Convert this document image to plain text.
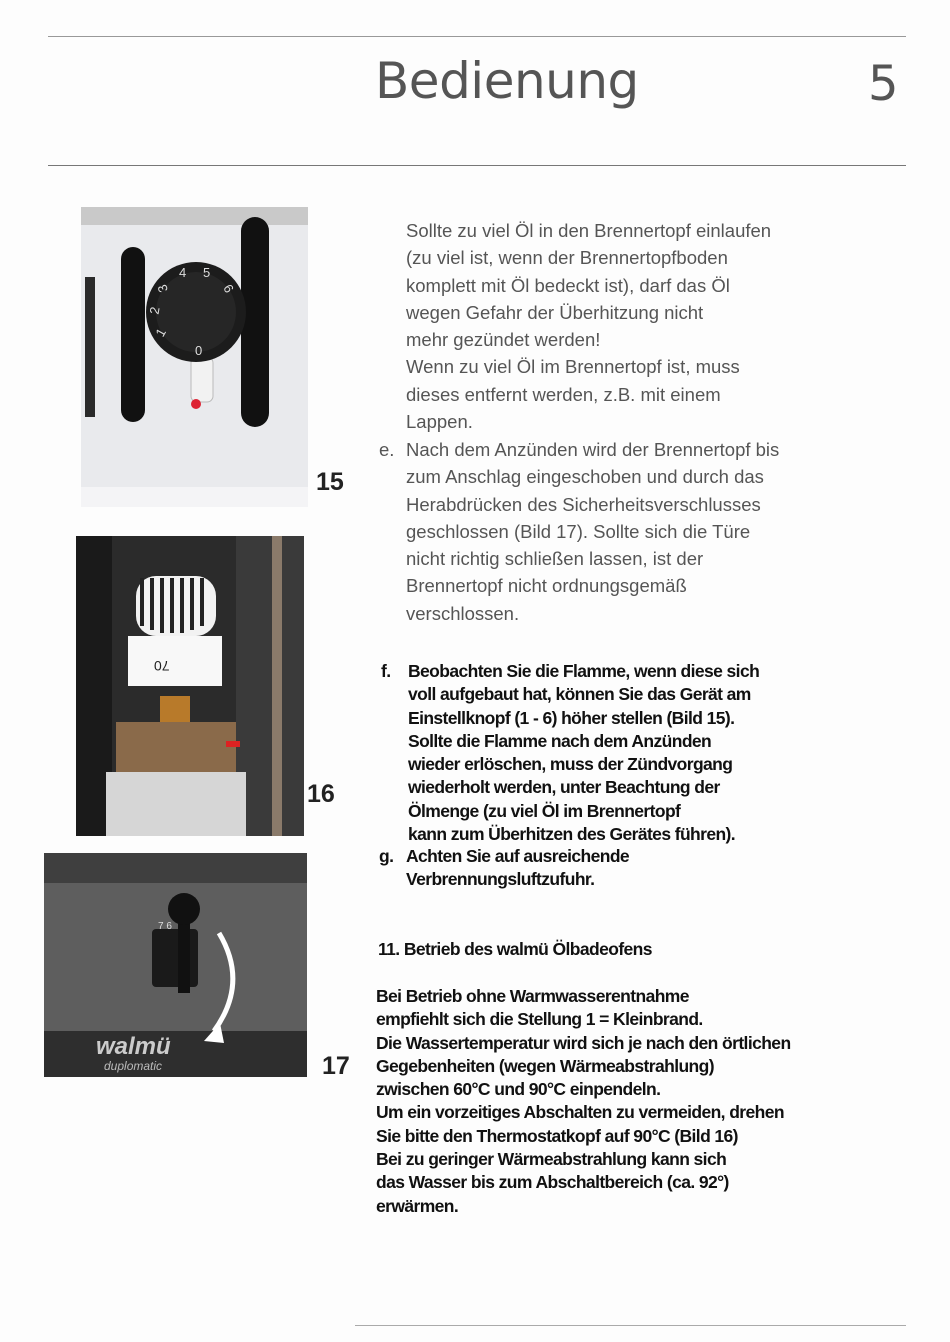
Bedienung	5
0
1
2
3
4 5
6
15
70
16
7 6
walmü
duplomatic	17

Sollte zu viel Öl in den Brennertopf einlaufen

(zu viel ist, wenn der Brennertopfboden

komplett mit Öl bedeckt ist), darf das Öl

wegen Gefahr der Überhitzung nicht

mehr gezündet werden!

Wenn zu viel Öl im Brennertopf ist, muss

dieses entfernt werden, z.B. mit einem

Lappen.

e. Nach dem Anzünden wird der Brennertopf bis

zum Anschlag eingeschoben und durch das

Herabdrücken des Sicherheitsverschlusses

geschlossen (Bild 17). Sollte sich die Türe

nicht richtig schließen lassen, ist der

Brennertopf nicht ordnungsgemäß

verschlossen.

f. Beobachten Sie die Flamme, wenn diese sich

voll aufgebaut hat, können Sie das Gerät am

Einstellknopf (1 - 6) höher stellen (Bild 15).

Sollte die Flamme nach dem Anzünden

wieder erlöschen, muss der Zündvorgang

wiederholt werden, unter Beachtung der

Ölmenge (zu viel Öl im Brennertopf

kann zum Überhitzen des Gerätes führen).

g. Achten Sie auf ausreichende

Verbrennungsluftzufuhr.

11. Betrieb des walmü Ölbadeofens

Bei Betrieb ohne Warmwasserentnahme

empfiehlt sich die Stellung 1 = Kleinbrand.

Die Wassertemperatur wird sich je nach den örtlichen

Gegebenheiten (wegen Wärmeabstrahlung)

zwischen 60°C und 90°C einpendeln.

Um ein vorzeitiges Abschalten zu vermeiden, drehen

Sie bitte den Thermostatkopf auf 90°C (Bild 16)

Bei zu geringer Wärmeabstrahlung kann sich

das Wasser bis zum Abschaltbereich (ca. 92°)

erwärmen.
